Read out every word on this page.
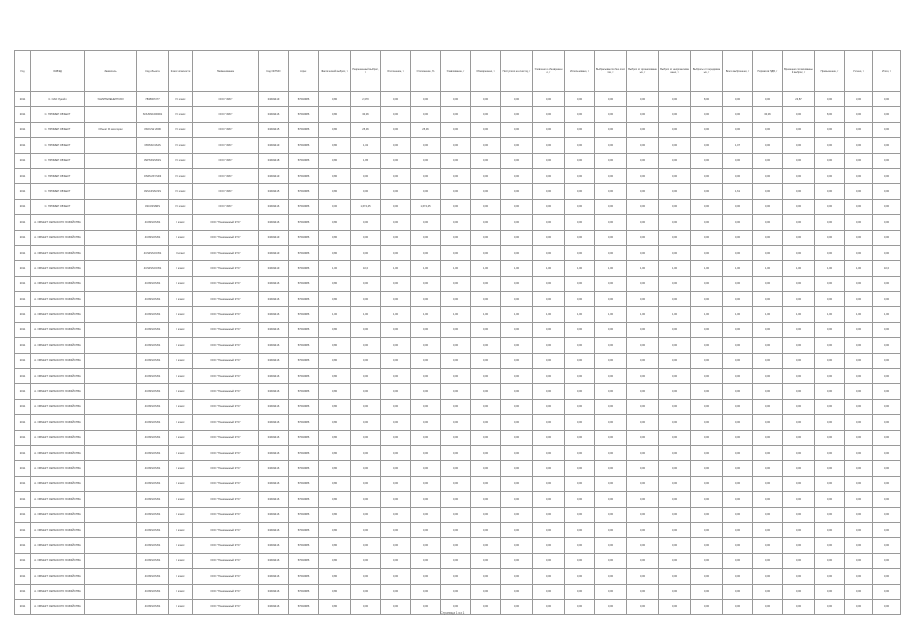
Год	ОКВЭД	Заявитель	Код объекта	Класс опасности	Наименование	Код ОКТМО	Агрег.	Фактический выброс, т	Разрешенный выброс, т	Отклонение, т	Отклонение, %	Улавливание, т	Обезврежено, т	Поступило на очистку, т	Уловлено и обезврежено, т	Использовано, т	Выбрасывается без очистки, т	Выброс от организованных, т	Выброс от неорганизованных, т	Выбросы от передвижных, т	Всего выброшено, т	Норматив ПДВ, т	Временно согласованный выброс, т	Превышение, т	Учтено, т	Итого, т
2011	С. ОАО Лукойл	УНИИТЕЛЕНЕГРСХИ	7838007277	IV класс	ООО "ЗИС"	04649419	57002986	0,80	2,370	0,00	0,00	0,00	0,00	0,00	0,00	0,00	0,00	0,00	0,00	8,00	0,00	0,00	23,87	0,00	3,00	0,00
2011	С. ПРИМЕР ОБЪЕКТ		SOUNN1000001	IV класс	ООО "ЗИС"	04649416	57002986	0,80	30,36	0,00	0,00	0,00	0,00	0,00	0,00	0,00	0,00	0,00	0,00	0,00	0,00	30,36	0,00	8,00	0,00	0,00
2011	С. ПРИМЕР ОБЪЕКТ	Объект III категории	3SOUS2 2096	IV класс	ООО "ЗИС"	04649415	57002986	0,80	25,36	0,00	25,36	0,00	0,00	0,00	0,00	0,00	0,00	0,00	0,00	0,00	0,00	0,00	0,00	0,00	0,00	0,00
2011	С. ПРИМЕР ОБЪЕКТ		3S5SSO1S4S	IV класс	ООО "ЗИС"	04649419	57002986	0,80	1,32	0,00	0,00	0,00	0,00	0,00	0,00	0,00	0,00	0,00	0,00	0,00	1,07	0,00	0,00	0,00	0,00	0,00
2011	С. ПРИМЕР ОБЪЕКТ		3SPSSSSSSS	IV класс	ООО "ЗИС"	04649418	57002986	0,80	1,95	0,00	0,00	0,00	0,00	0,00	0,00	0,00	0,00	0,00	0,00	0,00	0,00	0,00	0,00	0,00	0,00	0,00
2011	С. ПРИМЕР ОБЪЕКТ		OS6SUSYSD3	IV класс	ООО "ЗИС"	04649419	57002986	0,80	0,00	0,00	0,00	0,00	0,00	0,00	0,00	0,00	0,00	0,00	0,00	0,00	0,00	0,00	0,00	0,00	0,00	0,00
2011	С. ПРИМЕР ОБЪЕКТ		4SSC4SSCSS	IV класс	ООО "ЗИС"	04649415	57002986	0,80	0,00	0,00	0,00	0,00	0,00	0,00	0,00	0,00	0,00	0,00	0,00	0,00	1,61	0,00	0,00	0,00	0,00	0,00
2011	С. ПРИМЕР ОБЪЕКТ		4SC4SS6RS	IV класс	ООО "ЗИС"	04649416	57002986	0,00	1,674,45	0,00	1,674,45	0,00	0,00	0,00	0,00	0,00	0,00	0,00	0,00	0,00	0,00	0,00	0,00	0,00	0,00	0,00
2011	А. ОБЪЕКТ СЕЛЬСКОГО ХОЗЯЙСТВА		4C9SSOSSS	I класс	ООО "Понимаемый КТС"	04649416	57002986	0,80	0,00	0,00	0,00	0,00	0,00	0,00	0,00	0,00	0,00	0,00	0,00	0,00	0,00	0,00	0,00	0,00	0,00	0,00
2011	А. ОБЪЕКТ СЕЛЬСКОГО ХОЗЯЙСТВА		4C9SSOSSS	I класс	ООО "Понимаемый КТС"	04649419	57002986	0,80	0,00	0,00	0,00	0,00	0,00	0,00	0,00	0,00	0,00	0,00	0,00	0,00	0,00	0,00	0,00	0,00	0,00	0,00
2011	А. ОБЪЕКТ СЕЛЬСКОГО ХОЗЯЙСТВА		4CS0SSOOSS	II класс	ООО "Понимаемый КТС"	04649419	57002986	0,80	0,00	0,00	0,00	0,00	0,00	0,00	0,00	0,00	0,00	0,00	0,00	0,00	0,00	0,00	0,00	0,00	0,00	0,00
2011	А. ОБЪЕКТ СЕЛЬСКОГО ХОЗЯЙСТВА		4CS0SSOOSS	I класс	ООО "Понимаемый КТС"	04649419	57002986	1,00	10,0	1,00	1,00	1,00	1,00	1,00	1,00	1,00	1,00	1,00	1,00	1,00	1,00	1,00	1,00	1,00	1,00	10,0
2011	А. ОБЪЕКТ СЕЛЬСКОГО ХОЗЯЙСТВА		4C9SSOSSS	I класс	ООО "Понимаемый КТС"	04649416	57002986	0,80	0,00	0,00	0,00	0,00	0,00	0,00	0,00	0,00	0,00	0,00	0,00	0,00	0,00	0,00	0,00	0,00	0,00	0,00
2011	А. ОБЪЕКТ СЕЛЬСКОГО ХОЗЯЙСТВА		4C9SSOSSS	I класс	ООО "Понимаемый КТС"	04649416	57002986	0,80	0,00	0,00	0,00	0,00	0,00	0,00	0,00	0,00	0,00	0,00	0,00	0,00	0,00	0,00	0,00	0,00	0,00	0,00
2011	А. ОБЪЕКТ СЕЛЬСКОГО ХОЗЯЙСТВА		4C9SSOSSS	I класс	ООО "Понимаемый КТС"	04649416	57002986	1,00	1,00	1,00	1,00	1,00	1,00	1,00	1,00	1,00	1,00	1,00	1,00	1,00	1,00	1,00	1,00	1,00	1,00	1,00
2011	А. ОБЪЕКТ СЕЛЬСКОГО ХОЗЯЙСТВА		4C9SSOSSS	I класс	ООО "Понимаемый КТС"	04649416	57002986	0,80	0,00	0,00	0,00	0,00	0,00	0,00	0,00	0,00	0,00	0,00	0,00	0,00	0,00	0,00	0,00	0,00	0,00	0,00
2011	А. ОБЪЕКТ СЕЛЬСКОГО ХОЗЯЙСТВА		4C9SSOSSS	I класс	ООО "Понимаемый КТС"	04649416	57002986	0,80	0,00	0,00	0,00	0,00	0,00	0,00	0,00	0,00	0,00	0,00	0,00	0,00	0,00	0,00	0,00	0,00	0,00	0,00
2011	А. ОБЪЕКТ СЕЛЬСКОГО ХОЗЯЙСТВА		4C9SSOSSS	I класс	ООО "Понимаемый КТС"	04649416	57002986	0,80	0,00	0,00	0,00	0,00	0,00	0,00	0,00	0,00	0,00	0,00	0,00	0,00	0,00	0,00	0,00	0,00	0,00	0,00
2011	А. ОБЪЕКТ СЕЛЬСКОГО ХОЗЯЙСТВА		4C9SSOSSS	I класс	ООО "Понимаемый КТС"	04649416	57002986	0,80	0,00	0,00	0,00	0,00	0,00	0,00	0,00	0,00	0,00	0,00	0,00	0,00	0,00	0,00	0,00	0,00	0,00	0,00
2011	А. ОБЪЕКТ СЕЛЬСКОГО ХОЗЯЙСТВА		4C9SSOSSS	I класс	ООО "Понимаемый КТС"	04649416	57002986	0,80	0,00	0,00	0,00	0,00	0,00	0,00	0,00	0,00	0,00	0,00	0,00	0,00	0,00	0,00	0,00	0,00	0,00	0,00
2011	А. ОБЪЕКТ СЕЛЬСКОГО ХОЗЯЙСТВА		4C9SSOSSS	I класс	ООО "Понимаемый КТС"	04649416	57002986	0,80	0,00	0,00	0,00	0,00	0,00	0,00	0,00	0,00	0,00	0,00	0,00	0,00	0,00	0,00	0,00	0,00	0,00	0,00
2011	А. ОБЪЕКТ СЕЛЬСКОГО ХОЗЯЙСТВА		4C9SSOSSS	I класс	ООО "Понимаемый КТС"	04649416	57002986	0,80	0,00	0,00	0,00	0,00	0,00	0,00	0,00	0,00	0,00	0,00	0,00	0,00	0,00	0,00	0,00	0,00	0,00	0,00
2011	А. ОБЪЕКТ СЕЛЬСКОГО ХОЗЯЙСТВА		4C9SSOSSS	I класс	ООО "Понимаемый КТС"	04649416	57002986	0,80	0,00	0,00	0,00	0,00	0,00	0,00	0,00	0,00	0,00	0,00	0,00	0,00	0,00	0,00	0,00	0,00	0,00	0,00
2011	А. ОБЪЕКТ СЕЛЬСКОГО ХОЗЯЙСТВА		4C9SSOSSS	I класс	ООО "Понимаемый КТС"	04649416	57002986	0,80	0,00	0,00	0,00	0,00	0,00	0,00	0,00	0,00	0,00	0,00	0,00	0,00	0,00	0,00	0,00	0,00	0,00	0,00
2011	А. ОБЪЕКТ СЕЛЬСКОГО ХОЗЯЙСТВА		4C9SSOSSS	I класс	ООО "Понимаемый КТС"	04649416	57002986	0,80	0,00	0,00	0,00	0,00	0,00	0,00	0,00	0,00	0,00	0,00	0,00	0,00	0,00	0,00	0,00	0,00	0,00	0,00
2011	А. ОБЪЕКТ СЕЛЬСКОГО ХОЗЯЙСТВА		4C9SSOSSS	I класс	ООО "Понимаемый КТС"	04649416	57002986	0,80	0,00	0,00	0,00	0,00	0,00	0,00	0,00	0,00	0,00	0,00	0,00	0,00	0,00	0,00	0,00	0,00	0,00	0,00
2011	А. ОБЪЕКТ СЕЛЬСКОГО ХОЗЯЙСТВА		4C9SSOSSS	I класс	ООО "Понимаемый КТС"	04649416	57002986	0,80	0,00	0,00	0,00	0,00	0,00	0,00	0,00	0,00	0,00	0,00	0,00	0,00	0,00	0,00	0,00	0,00	0,00	0,00
2011	А. ОБЪЕКТ СЕЛЬСКОГО ХОЗЯЙСТВА		4C9SSOSSS	I класс	ООО "Понимаемый КТС"	04649416	57002986	0,80	0,00	0,00	0,00	0,00	0,00	0,00	0,00	0,00	0,00	0,00	0,00	0,00	0,00	0,00	0,00	0,00	0,00	0,00
2011	А. ОБЪЕКТ СЕЛЬСКОГО ХОЗЯЙСТВА		4C9SSOSSS	I класс	ООО "Понимаемый КТС"	04649416	57002986	0,80	0,00	0,00	0,00	0,00	0,00	0,00	0,00	0,00	0,00	0,00	0,00	0,00	0,00	0,00	0,00	0,00	0,00	0,00
2011	А. ОБЪЕКТ СЕЛЬСКОГО ХОЗЯЙСТВА		4C9SSOSSS	I класс	ООО "Понимаемый КТС"	04649416	57002986	0,80	0,00	0,00	0,00	0,00	0,00	0,00	0,00	0,00	0,00	0,00	0,00	0,00	0,00	0,00	0,00	0,00	0,00	0,00
2011	А. ОБЪЕКТ СЕЛЬСКОГО ХОЗЯЙСТВА		4C9SSOSSS	I класс	ООО "Понимаемый КТС"	04649416	57002986	0,80	0,00	0,00	0,00	0,00	0,00	0,00	0,00	0,00	0,00	0,00	0,00	0,00	0,00	0,00	0,00	0,00	0,00	0,00
2011	А. ОБЪЕКТ СЕЛЬСКОГО ХОЗЯЙСТВА		4C9SSOSSS	I класс	ООО "Понимаемый КТС"	04649416	57002986	0,80	0,00	0,00	0,00	0,00	0,00	0,00	0,00	0,00	0,00	0,00	0,00	0,00	0,00	0,00	0,00	0,00	0,00	0,00
2011	А. ОБЪЕКТ СЕЛЬСКОГО ХОЗЯЙСТВА		4C9SSOSSS	I класс	ООО "Понимаемый КТС"	04649416	57002986	0,80	0,00	0,00	0,00	0,00	0,00	0,00	0,00	0,00	0,00	0,00	0,00	0,00	0,00	0,00	0,00	0,00	0,00	0,00
2011	А. ОБЪЕКТ СЕЛЬСКОГО ХОЗЯЙСТВА		4C9SSOSSS	I класс	ООО "Понимаемый КТС"	04649416	57002986	0,80	0,00	0,00	0,00	0,00	0,00	0,00	0,00	0,00	0,00	0,00	0,00	0,00	0,00	0,00	0,00	0,00	0,00	0,00
Страница 1 из 1
